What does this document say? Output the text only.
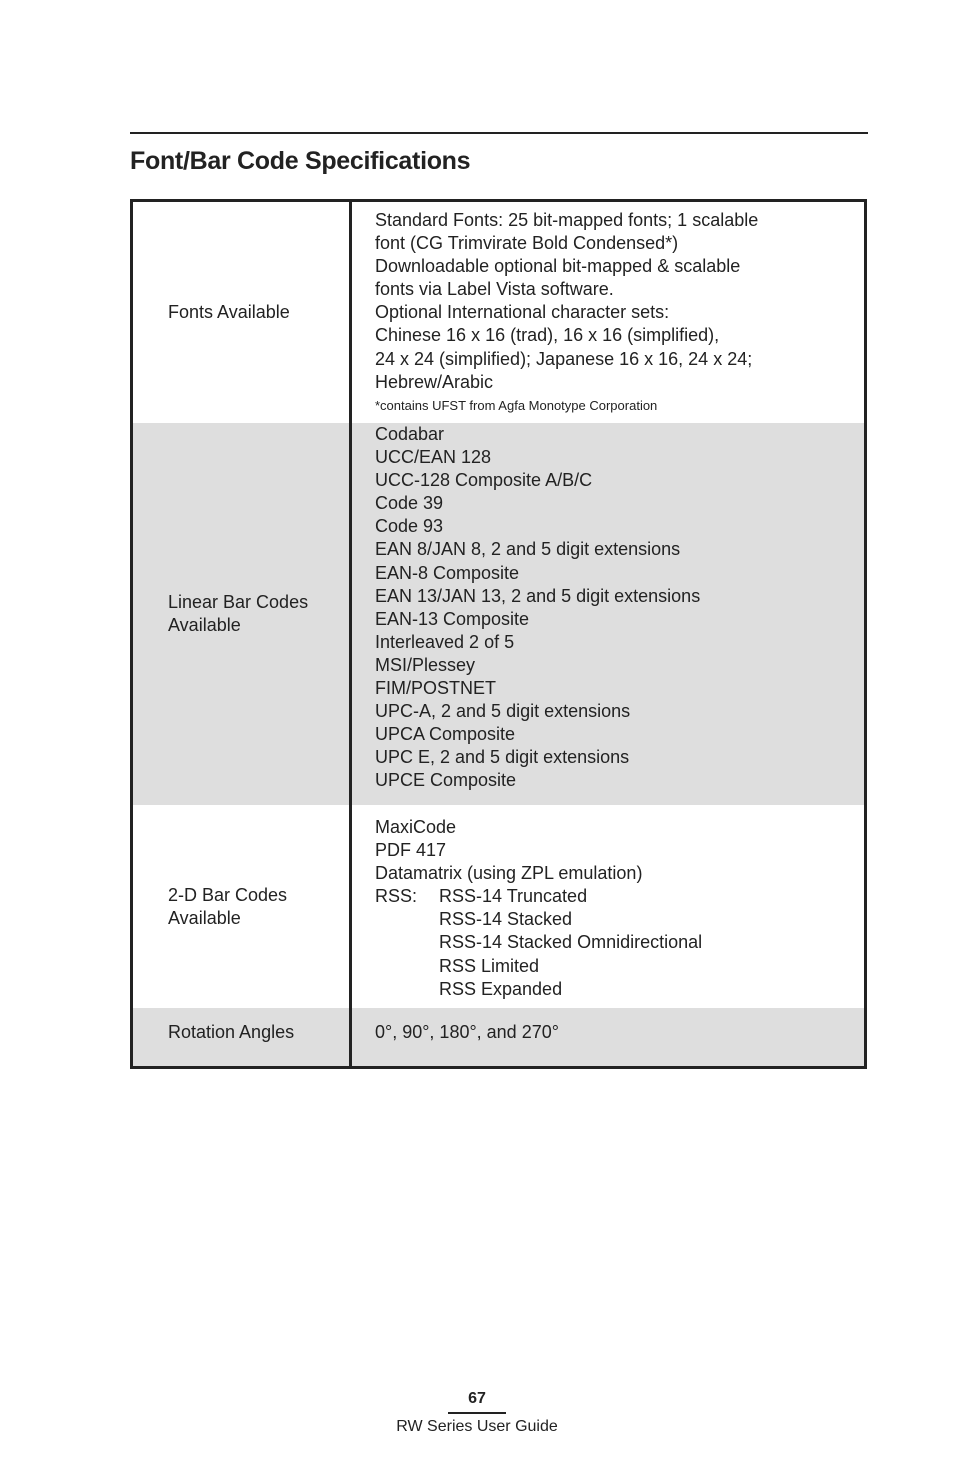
Font/Bar Code Specifications
Fonts Available
Standard Fonts: 25 bit-mapped fonts; 1 scalable
font (CG Trimvirate Bold Condensed*)
Downloadable optional bit-mapped & scalable
fonts via Label Vista software.
Optional International character sets:
Chinese 16 x 16 (trad), 16 x 16 (simplified),
24 x 24 (simplified); Japanese 16 x 16, 24 x 24;
Hebrew/Arabic
*contains UFST from Agfa Monotype Corporation
Linear Bar Codes
Available
Codabar
UCC/EAN 128
UCC-128 Composite A/B/C
Code 39
Code 93
EAN 8/JAN 8, 2 and 5 digit extensions
EAN-8 Composite
EAN 13/JAN 13, 2 and 5 digit extensions
EAN-13 Composite
Interleaved 2 of 5
MSI/Plessey
FIM/POSTNET
UPC-A, 2 and 5 digit extensions
UPCA Composite
UPC E, 2 and 5 digit extensions
UPCE Composite
2-D Bar Codes
Available
MaxiCode
PDF 417
Datamatrix (using ZPL emulation)
RSS: RSS-14 Truncated
RSS-14 Stacked
RSS-14 Stacked Omnidirectional
RSS Limited
RSS Expanded
Rotation Angles	0°, 90°, 180°, and 270°
67
RW Series User Guide
